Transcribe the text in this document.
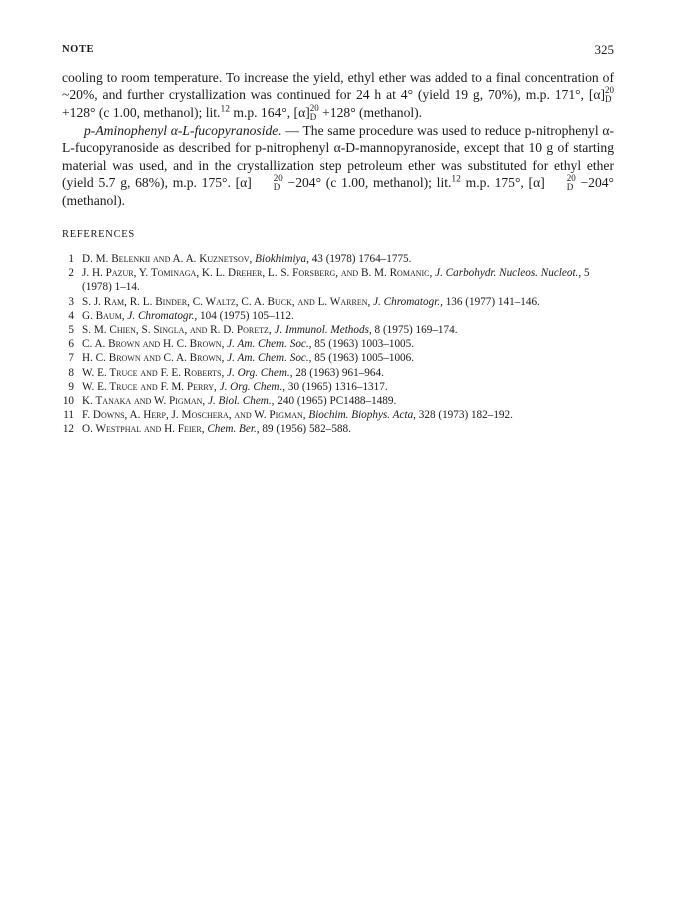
NOTE	325

cooling to room temperature. To increase the yield, ethyl ether was added to a final concentration of ~20%, and further crystallization was continued for 24 h at 4° (yield 19 g, 70%), m.p. 171°, [α] 20
D
+128° (c 1.00, methanol); lit.$^{12}$ m.p. 164°, [α] 20
D +128° (methanol).

p-Aminophenyl α-L-fucopyranoside. — The same procedure was used to reduce p-nitrophenyl α-L-fucopyranoside as described for p-nitrophenyl α-D-mannopyranoside, except that 10 g of starting material was used, and in the crystallization step petroleum ether was substituted for ethyl ether (yield 5.7 g, 68%), m.p. 175°. [α]	20
D −204° (c 1.00, methanol); lit.$^{12}$ m.p. 175°, [α]	20
D −204° (methanol).

REFERENCES
1 D. M. Belenkii and A. A. Kuznetsov, Biokhimiya, 43 (1978) 1764–1775.
2 J. H. Pazur, Y. Tominaga, K. L. Dreher, L. S. Forsberg, and B. M. Romanic, J. Carbohydr. Nucleos. Nucleot., 5 (1978) 1–14.
3 S. J. Ram, R. L. Binder, C. Waltz, C. A. Buck, and L. Warren, J. Chromatogr., 136 (1977) 141–146.
4 G. Baum, J. Chromatogr., 104 (1975) 105–112.
5 S. M. Chien, S. Singla, and R. D. Poretz, J. Immunol. Methods, 8 (1975) 169–174.
6 C. A. Brown and H. C. Brown, J. Am. Chem. Soc., 85 (1963) 1003–1005.
7 H. C. Brown and C. A. Brown, J. Am. Chem. Soc., 85 (1963) 1005–1006.
8 W. E. Truce and F. E. Roberts, J. Org. Chem., 28 (1963) 961–964.
9 W. E. Truce and F. M. Perry, J. Org. Chem., 30 (1965) 1316–1317.
10 K. Tanaka and W. Pigman, J. Biol. Chem., 240 (1965) PC1488–1489.
11 F. Downs, A. Herp, J. Moschera, and W. Pigman, Biochim. Biophys. Acta, 328 (1973) 182–192.
12 O. Westphal and H. Feier, Chem. Ber., 89 (1956) 582–588.
